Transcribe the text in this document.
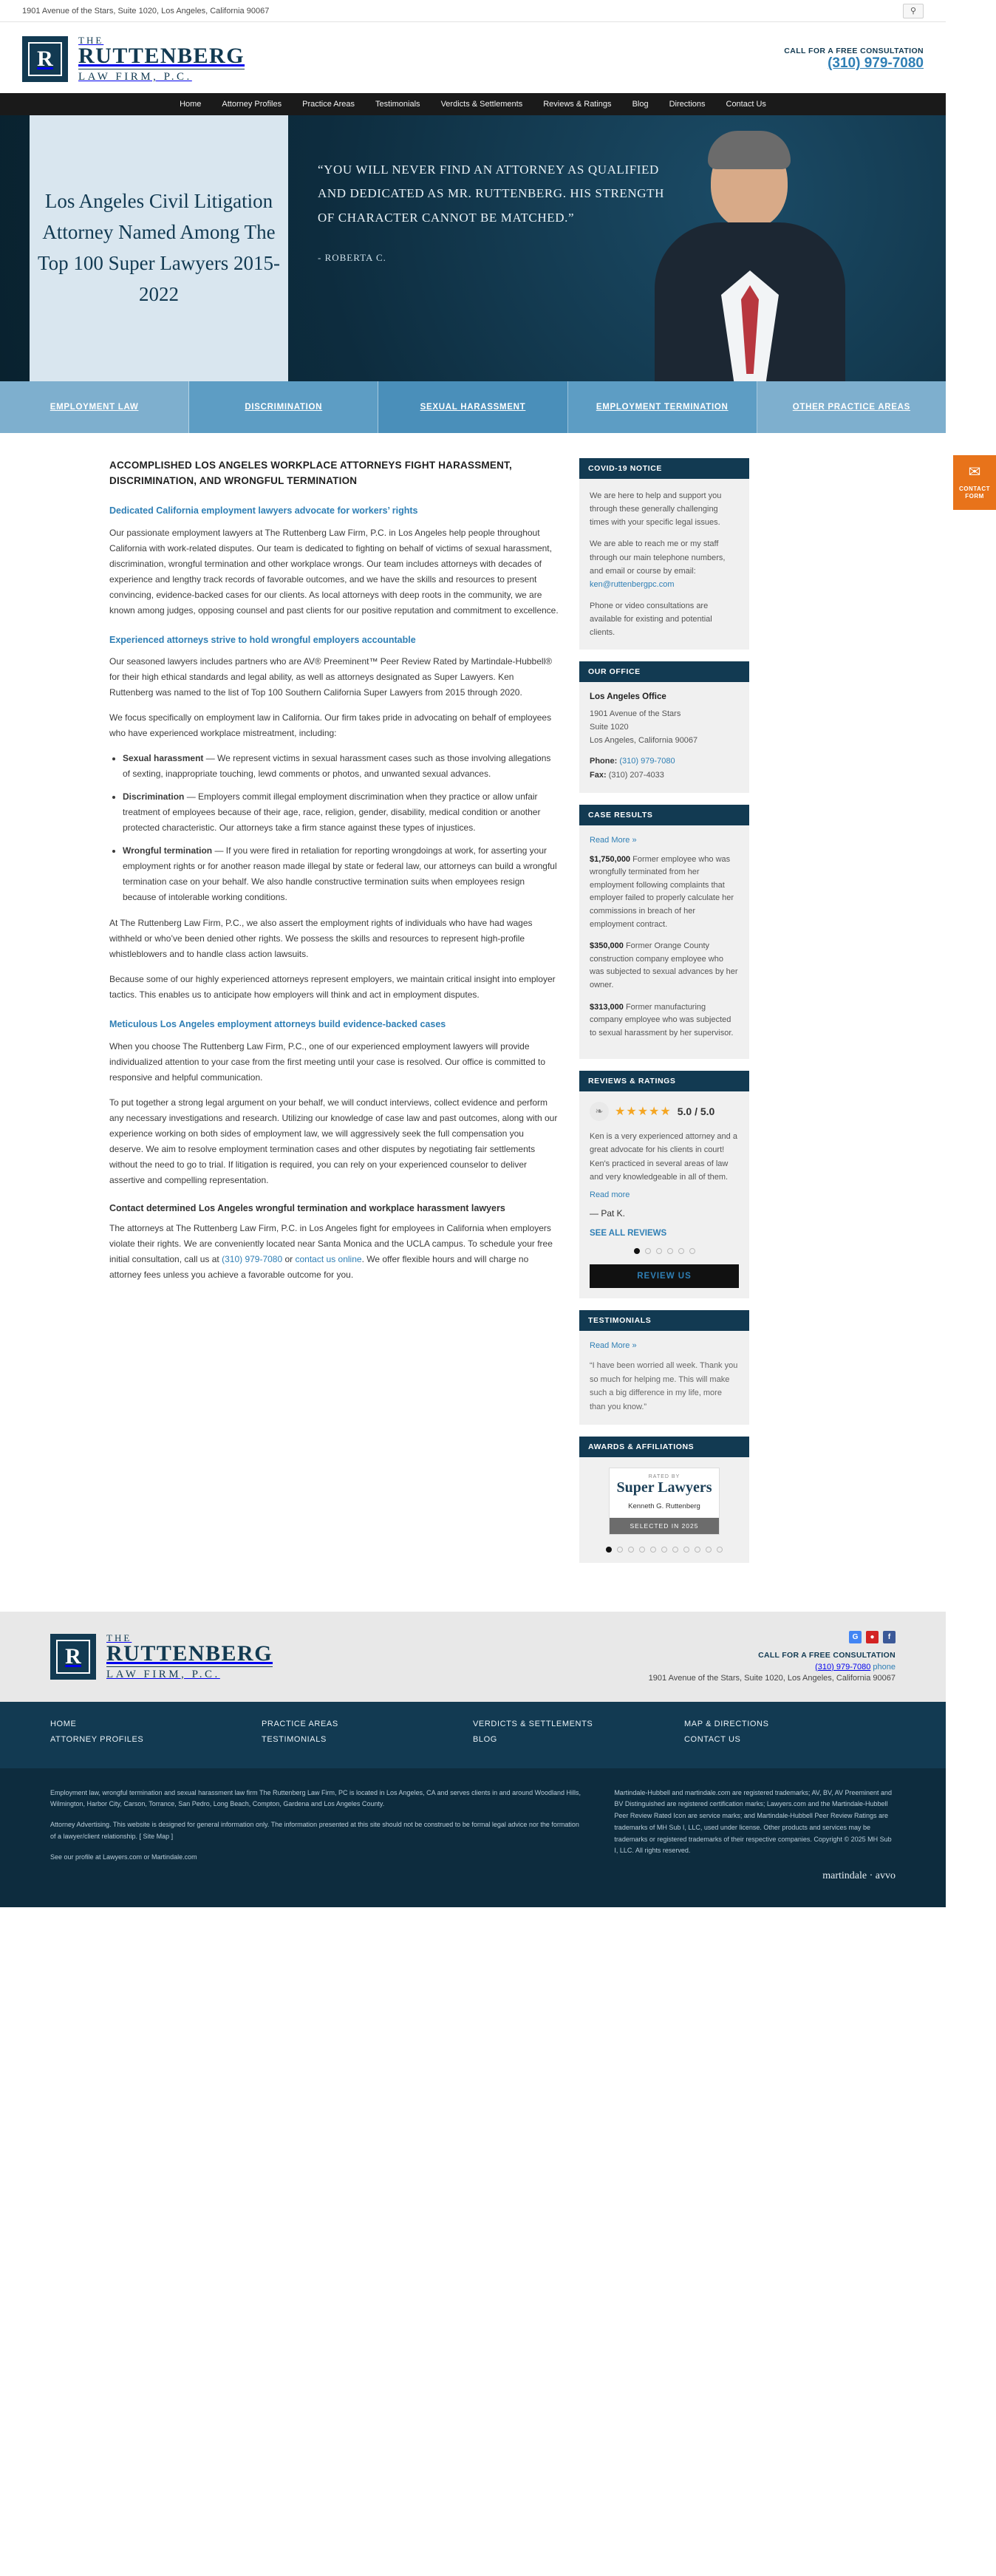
1901 Avenue of the Stars, Suite 1020, Los Angeles, California 90067	⚲
R
THE
RUTTENBERG
LAW FIRM, P.C.
CALL FOR A FREE CONSULTATION
(310) 979-7080
Home	Attorney Profiles	Practice Areas	Testimonials	Verdicts & Settlements	Reviews & Ratings	Blog	Directions	Contact Us
Los Angeles Civil Litigation Attorney Named Among The Top 100 Super Lawyers 2015-2022
“YOU WILL NEVER FIND AN ATTORNEY AS QUALIFIED AND DEDICATED AS MR. RUTTENBERG. HIS STRENGTH OF CHARACTER CANNOT BE MATCHED.”
- ROBERTA C.
EMPLOYMENT LAW	DISCRIMINATION	SEXUAL HARASSMENT	EMPLOYMENT TERMINATION	OTHER PRACTICE AREAS
ACCOMPLISHED LOS ANGELES WORKPLACE ATTORNEYS FIGHT HARASSMENT, DISCRIMINATION, AND WRONGFUL TERMINATION
Dedicated California employment lawyers advocate for workers’ rights

Our passionate employment lawyers at The Ruttenberg Law Firm, P.C. in Los Angeles help people throughout California with work-related disputes. Our team is dedicated to fighting on behalf of victims of sexual harassment, discrimination, wrongful termination and other workplace wrongs. Our team includes attorneys with decades of experience and lengthy track records of favorable outcomes, and we have the skills and resources to present convincing, evidence-backed cases for our clients. As local attorneys with deep roots in the community, we are known among judges, opposing counsel and past clients for our positive reputation and commitment to excellence.

Experienced attorneys strive to hold wrongful employers accountable

Our seasoned lawyers includes partners who are AV® Preeminent™ Peer Review Rated by Martindale-Hubbell® for their high ethical standards and legal ability, as well as attorneys designated as Super Lawyers. Ken Ruttenberg was named to the list of Top 100 Southern California Super Lawyers from 2015 through 2020.

We focus specifically on employment law in California. Our firm takes pride in advocating on behalf of employees who have experienced workplace mistreatment, including:

• Sexual harassment — We represent victims in sexual harassment cases such as those involving allegations of sexting, inappropriate touching, lewd comments or photos, and unwanted sexual advances.
• Discrimination — Employers commit illegal employment discrimination when they practice or allow unfair treatment of employees because of their age, race, religion, gender, disability, medical condition or another protected characteristic. Our attorneys take a firm stance against these types of injustices.
• Wrongful termination — If you were fired in retaliation for reporting wrongdoings at work, for asserting your employment rights or for another reason made illegal by state or federal law, our attorneys can build a wrongful termination case on your behalf. We also handle constructive termination suits when employees resign because of intolerable working conditions.

At The Ruttenberg Law Firm, P.C., we also assert the employment rights of individuals who have had wages withheld or who’ve been denied other rights. We possess the skills and resources to represent high-profile whistleblowers and to handle class action lawsuits.

Because some of our highly experienced attorneys represent employers, we maintain critical insight into employer tactics. This enables us to anticipate how employers will think and act in employment disputes.

Meticulous Los Angeles employment attorneys build evidence-backed cases

When you choose The Ruttenberg Law Firm, P.C., one of our experienced employment lawyers will provide individualized attention to your case from the first meeting until your case is resolved. Our office is committed to responsive and helpful communication.

To put together a strong legal argument on your behalf, we will conduct interviews, collect evidence and perform any necessary investigations and research. Utilizing our knowledge of case law and past outcomes, along with our experience working on both sides of employment law, we will aggressively seek the full compensation you deserve. We aim to resolve employment termination cases and other disputes by negotiating fair settlements without the need to go to trial. If litigation is required, you can rely on your experienced counselor to deliver assertive and compelling representation.

Contact determined Los Angeles wrongful termination and workplace harassment lawyers

The attorneys at The Ruttenberg Law Firm, P.C. in Los Angeles fight for employees in California when employers violate their rights. We are conveniently located near Santa Monica and the UCLA campus. To schedule your free initial consultation, call us at (310) 979-7080 or contact us online. We offer flexible hours and will charge no attorney fees unless you achieve a favorable outcome for you.

COVID-19 NOTICE

We are here to help and support you through these generally challenging times with your specific legal issues.

We are able to reach me or my staff through our main telephone numbers, and email or course by email: ken@ruttenbergpc.com

Phone or video consultations are available for existing and potential clients.

OUR OFFICE
Los Angeles Office
1901 Avenue of the Stars
Suite 1020
Los Angeles, California 90067
Phone: (310) 979-7080
Fax: (310) 207-4033
CASE RESULTS
Read More »
$1,750,000 Former employee who was wrongfully terminated from her employment following complaints that employer failed to properly calculate her commissions in breach of her employment contract.
$350,000 Former Orange County construction company employee who was subjected to sexual advances by her owner.
$313,000 Former manufacturing company employee who was subjected to sexual harassment by her supervisor.
REVIEWS & RATINGS
❧ ★★★★★ 5.0 / 5.0
Ken is a very experienced attorney and a great advocate for his clients in court! Ken's practiced in several areas of law and very knowledgeable in all of them.
Read more
— Pat K.
SEE ALL REVIEWS
REVIEW US
TESTIMONIALS
Read More »
“I have been worried all week. Thank you so much for helping me. This will make such a big difference in my life, more than you know.”
AWARDS & AFFILIATIONS
RATED BY
Super Lawyers
Kenneth G. Ruttenberg
SELECTED IN 2025
✉
CONTACT FORM
R
THE
RUTTENBERG
LAW FIRM, P.C.
G	●	f
CALL FOR A FREE CONSULTATION
(310) 979-7080 phone
1901 Avenue of the Stars, Suite 1020, Los Angeles, California 90067
HOME
ATTORNEY PROFILES
PRACTICE AREAS
TESTIMONIALS
VERDICTS & SETTLEMENTS
BLOG
MAP & DIRECTIONS
CONTACT US

Employment law, wrongful termination and sexual harassment law firm The Ruttenberg Law Firm, PC is located in Los Angeles, CA and serves clients in and around Woodland Hills, Wilmington, Harbor City, Carson, Torrance, San Pedro, Long Beach, Compton, Gardena and Los Angeles County.

Attorney Advertising. This website is designed for general information only. The information presented at this site should not be construed to be formal legal advice nor the formation of a lawyer/client relationship. [ Site Map ]

See our profile at Lawyers.com or Martindale.com

Martindale-Hubbell and martindale.com are registered trademarks; AV, BV, AV Preeminent and BV Distinguished are registered certification marks; Lawyers.com and the Martindale-Hubbell Peer Review Rated Icon are service marks; and Martindale-Hubbell Peer Review Ratings are trademarks of MH Sub I, LLC, used under license. Other products and services may be trademarks or registered trademarks of their respective companies. Copyright © 2025 MH Sub I, LLC. All rights reserved.

martindale · avvo
